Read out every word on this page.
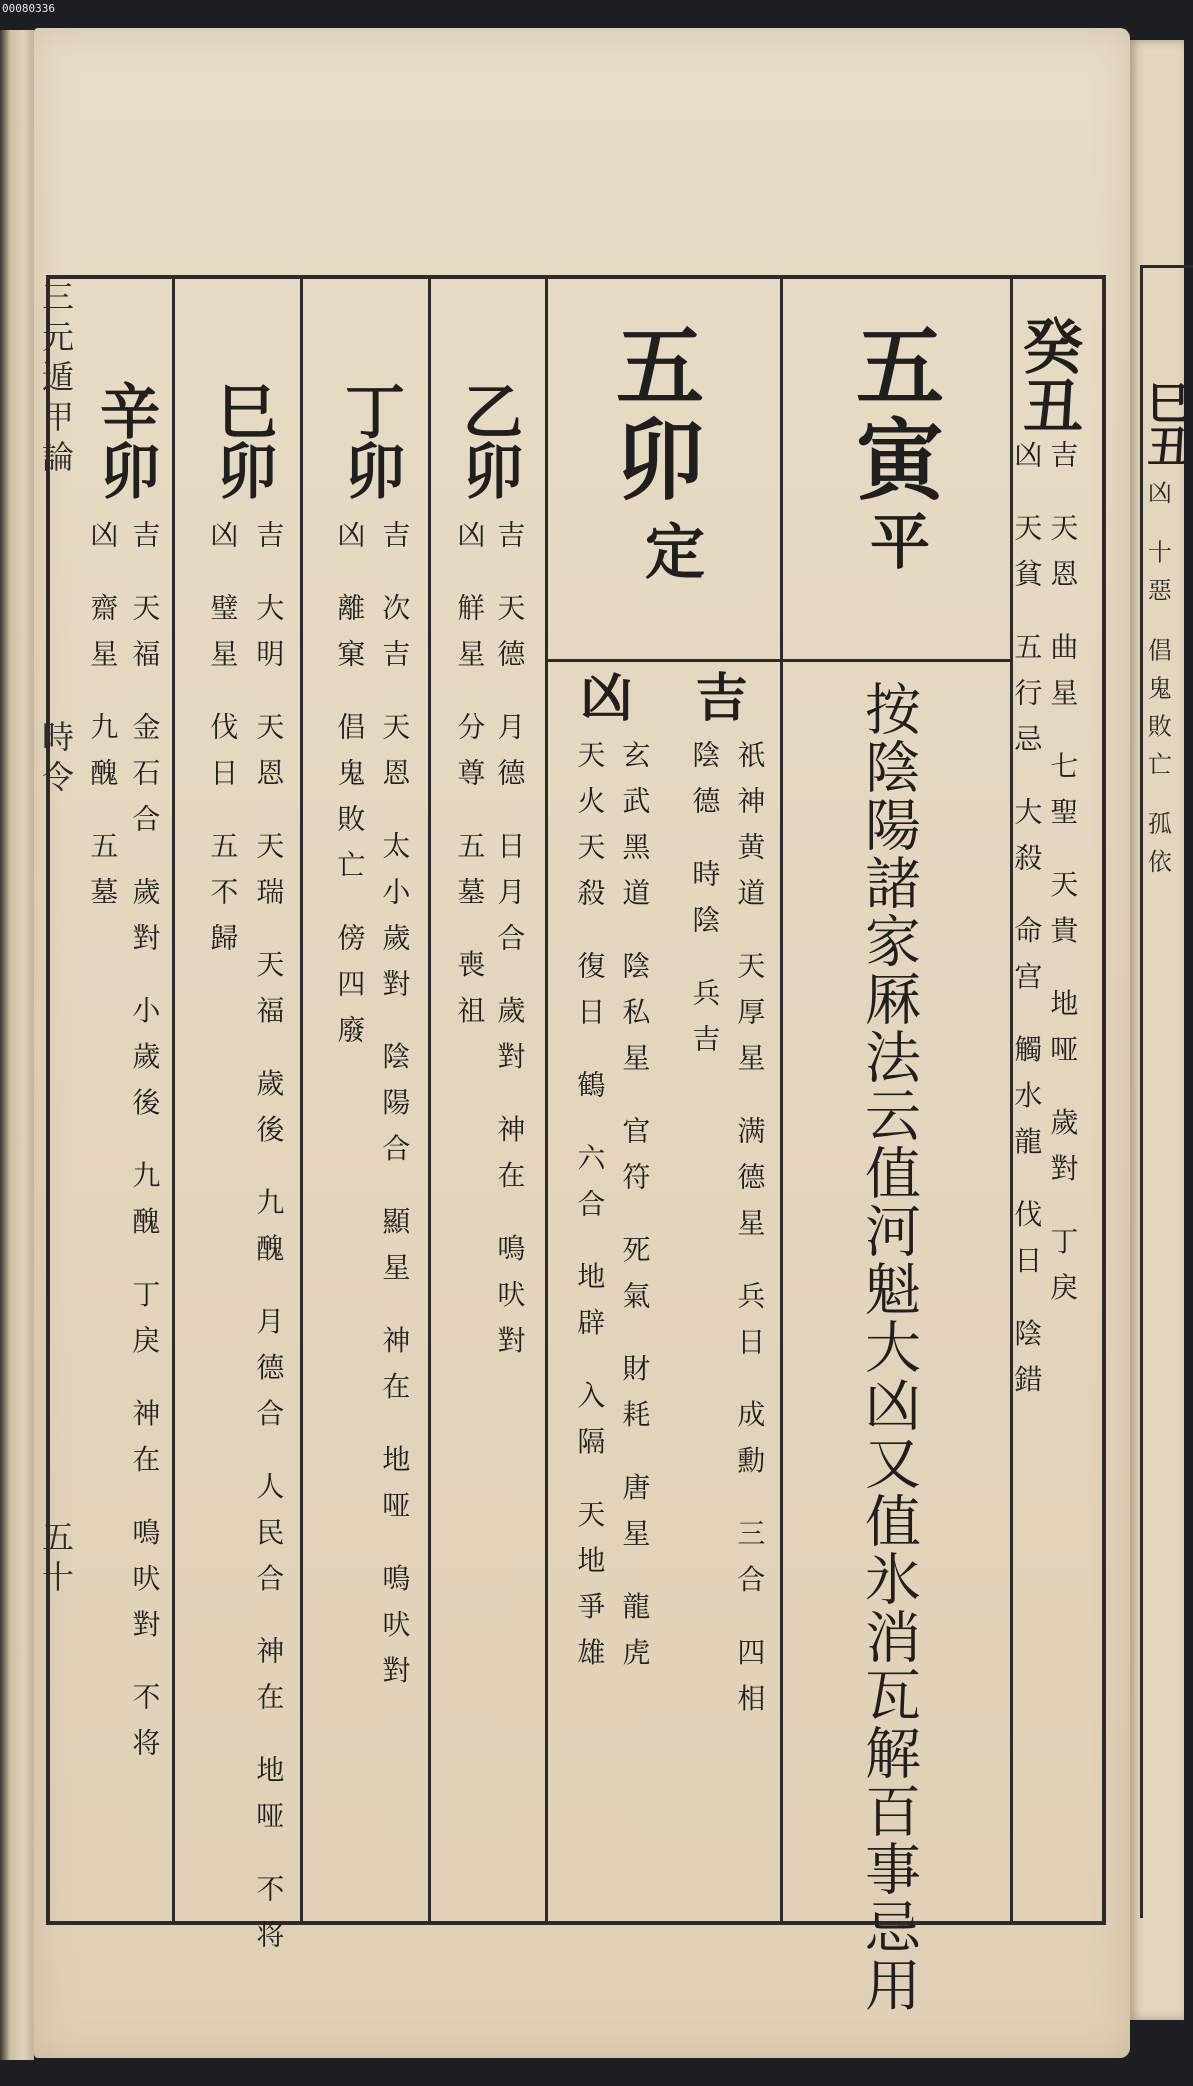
00080336
三元遁甲論
時令
五十
巳丑
凶 十惡 倡鬼敗亡 孤依
癸丑
吉 天恩 曲星 七聖 天貴 地哑 歲對 丁戾
凶 天貧 五行忌 大殺 命宫 觸水龍 伐日 陰錯
五寅
平
按陰陽諸家厤法云值河魁大凶又值氷消瓦解百事忌用
五卯
定
吉
祇神黄道 天厚星 满德星 兵日 成勳 三合 四相
陰德 時陰 兵吉
凶
玄武黑道 陰私星 官符 死氣 財耗 唐星 龍虎
天火天殺 復日 鶴 六合 地辟 入隔 天地爭雄
乙卯
吉 天德 月德 日月合 歲對 神在 鳴吠對
凶 觧星 分尊 五墓 喪祖
丁卯
吉 次吉 天恩 太小歲對 陰陽合 顯星 神在 地哑 鳴吠對
凶 離窠 倡鬼敗亡 傍四廢
巳卯
吉 大明 天恩 天瑞 天福 歲後 九醜 月德合 人民合 神在 地哑 不将
凶 璧星 伐日 五不歸
辛卯
吉 天福 金石合 歲對 小歲後 九醜 丁戾 神在 鳴吠對 不将
凶 齋星 九醜 五墓
